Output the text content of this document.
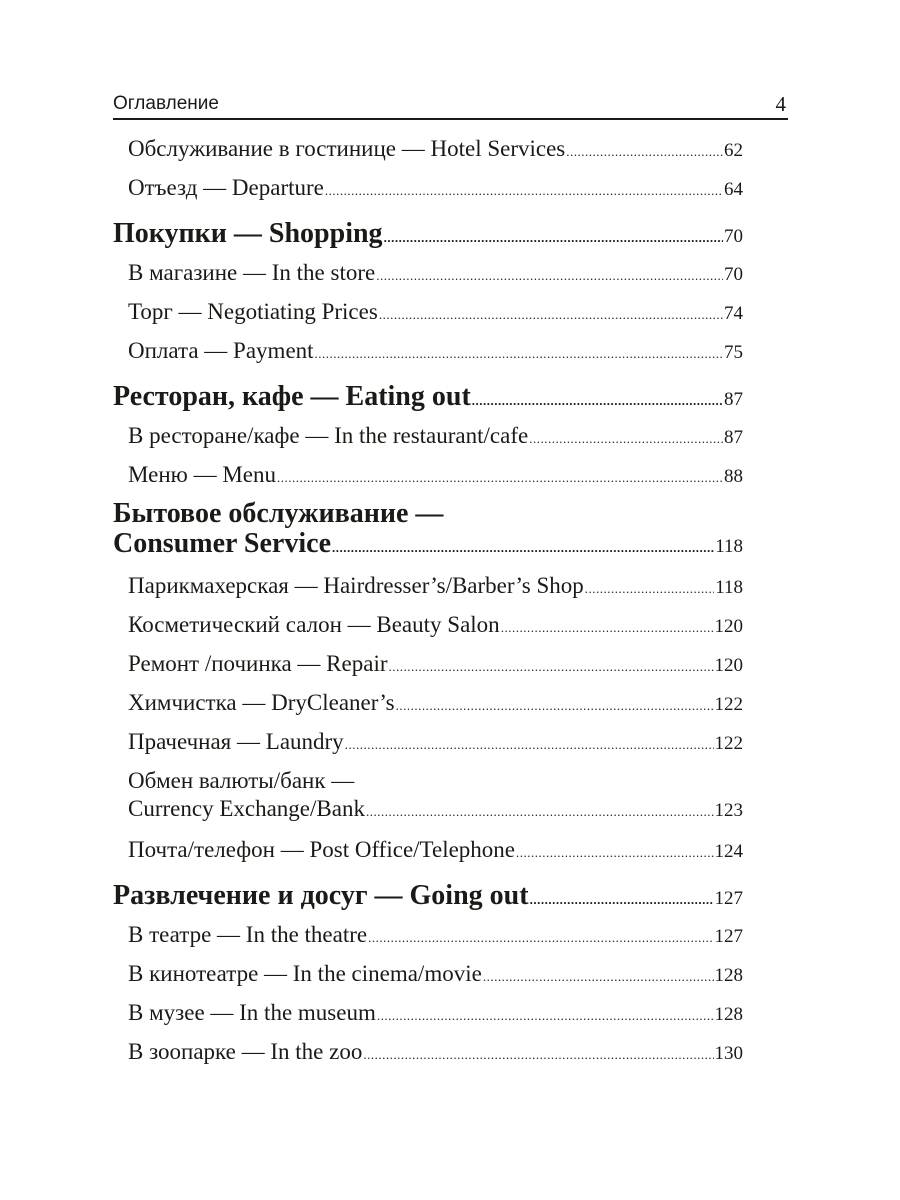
Оглавление	4
Обслуживание в гостинице — Hotel Services .....	62
Отъезд — Departure .....	64
Покупки — Shopping .....	70
В магазине — In the store .....	70
Торг — Negotiating Prices .....	74
Оплата — Payment .....	75
Ресторан, кафе — Eating out .....	87
В ресторане/кафе — In the restaurant/cafe .....	87
Меню — Menu .....	88
Бытовое обслуживание —
Consumer Service .....	118
Парикмахерская — Hairdresser’s/Barber’s Shop .....	118
Косметический салон — Beauty Salon .....	120
Ремонт /починка — Repair .....	120
Химчистка — DryCleaner’s .....	122
Прачечная — Laundry .....	122
Обмен валюты/банк —
Currency Exchange/Bank .....	123
Почта/телефон — Post Office/Telephone .....	124
Развлечение и досуг — Going out .....	127
В театре — In the theatre .....	127
В кинотеатре — In the cinema/movie .....	128
В музее — In the museum .....	128
В зоопарке — In the zoo .....	130
